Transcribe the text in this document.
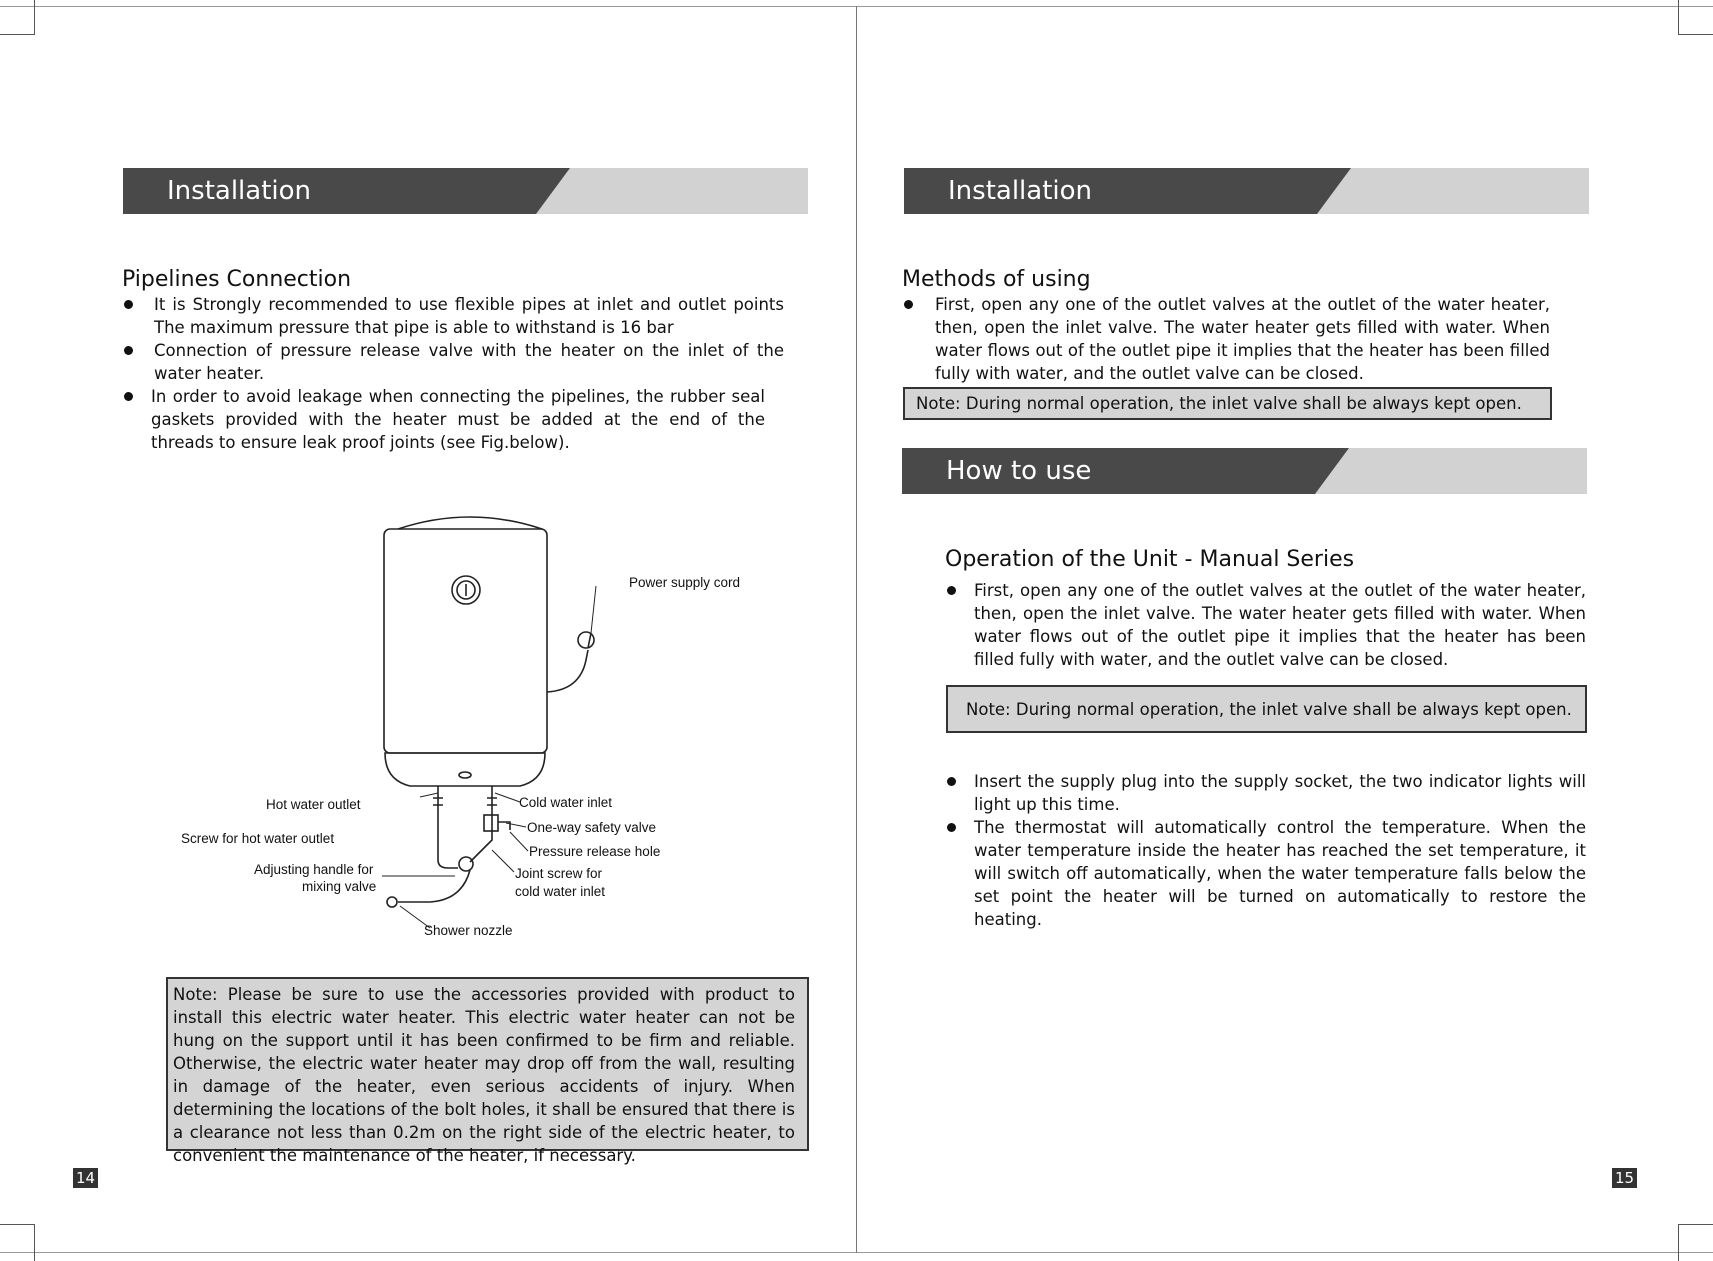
Installation
Pipelines Connection
It is Strongly recommended to use flexible pipes at inlet and outlet points The maximum pressure that pipe is able to withstand is 16 bar
Connection of pressure release valve with the heater on the inlet of the water heater.
In order to avoid leakage when connecting the pipelines, the rubber seal gaskets provided with the heater must be added at the end of the threads to ensure leak proof joints (see Fig.below).
Power supply cord
Hot water outlet	Cold water inlet
One-way safety valve
Screw for hot water outlet
Pressure release hole
Adjusting handle for
mixing valve
Joint screw for
cold water inlet
Shower nozzle
Note: Please be sure to use the accessories provided with product to install this electric water heater. This electric water heater can not be hung on the support until it has been confirmed to be firm and reliable. Otherwise, the electric water heater may drop off from the wall, resulting in damage of the heater, even serious accidents of injury. When determining the locations of the bolt holes, it shall be ensured that there is a clearance not less than 0.2m on the right side of the electric heater, to convenient the maintenance of the heater, if necessary.
14
Installation
Methods of using
First, open any one of the outlet valves at the outlet of the water heater, then, open the inlet valve. The water heater gets filled with water. When water flows out of the outlet pipe it implies that the heater has been filled fully with water, and the outlet valve can be closed.
Note: During normal operation, the inlet valve shall be always kept open.
How to use
Operation of the Unit - Manual Series
First, open any one of the outlet valves at the outlet of the water heater, then, open the inlet valve. The water heater gets filled with water. When water flows out of the outlet pipe it implies that the heater has been filled fully with water, and the outlet valve can be closed.
Note: During normal operation, the inlet valve shall be always kept open.
Insert the supply plug into the supply socket, the two indicator lights will light up this time.
The thermostat will automatically control the temperature. When the water temperature inside the heater has reached the set temperature, it will switch off automatically, when the water temperature falls below the set point the heater will be turned on automatically to restore the heating.
15
